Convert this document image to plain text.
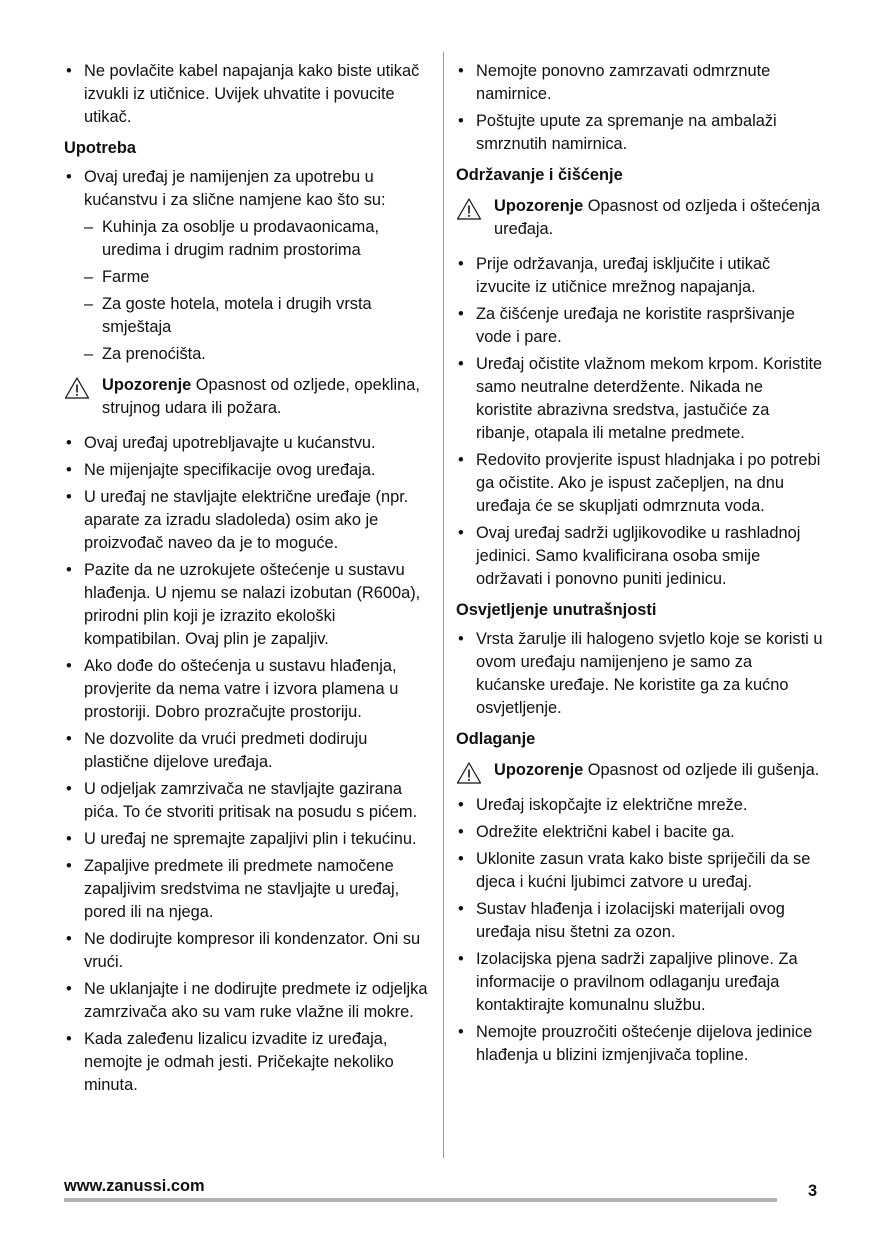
• Ne povlačite kabel napajanja kako biste utikač izvukli iz utičnice. Uvijek uhvatite i povucite utikač.
Upotreba
• Ovaj uređaj je namijenjen za upotrebu u kućanstvu i za slične namjene kao što su:
– Kuhinja za osoblje u prodavaonicama, uredima i drugim radnim prostorima
– Farme
– Za goste hotela, motela i drugih vrsta smještaja
– Za prenoćišta.
Upozorenje Opasnost od ozljede, opeklina, strujnog udara ili požara.
• Ovaj uređaj upotrebljavajte u kućanstvu.
• Ne mijenjajte specifikacije ovog uređaja.
• U uređaj ne stavljajte električne uređaje (npr. aparate za izradu sladoleda) osim ako je proizvođač naveo da je to moguće.
• Pazite da ne uzrokujete oštećenje u sustavu hlađenja. U njemu se nalazi izobutan (R600a), prirodni plin koji je izrazito ekološki kompatibilan. Ovaj plin je zapaljiv.
• Ako dođe do oštećenja u sustavu hlađenja, provjerite da nema vatre i izvora plamena u prostoriji. Dobro prozračujte prostoriju.
• Ne dozvolite da vrući predmeti dodiruju plastične dijelove uređaja.
• U odjeljak zamrzivača ne stavljajte gazirana pića. To će stvoriti pritisak na posudu s pićem.
• U uređaj ne spremajte zapaljivi plin i tekućinu.
• Zapaljive predmete ili predmete namočene zapaljivim sredstvima ne stavljajte u uređaj, pored ili na njega.
• Ne dodirujte kompresor ili kondenzator. Oni su vrući.
• Ne uklanjajte i ne dodirujte predmete iz odjeljka zamrzivača ako su vam ruke vlažne ili mokre.
• Kada zaleđenu lizalicu izvadite iz uređaja, nemojte je odmah jesti. Pričekajte nekoliko minuta.
• Nemojte ponovno zamrzavati odmrznute namirnice.
• Poštujte upute za spremanje na ambalaži smrznutih namirnica.
Održavanje i čišćenje
Upozorenje Opasnost od ozljeda i oštećenja uređaja.
• Prije održavanja, uređaj isključite i utikač izvucite iz utičnice mrežnog napajanja.
• Za čišćenje uređaja ne koristite raspršivanje vode i pare.
• Uređaj očistite vlažnom mekom krpom. Koristite samo neutralne deterdžente. Nikada ne koristite abrazivna sredstva, jastučiće za ribanje, otapala ili metalne predmete.
• Redovito provjerite ispust hladnjaka i po potrebi ga očistite. Ako je ispust začepljen, na dnu uređaja će se skupljati odmrznuta voda.
• Ovaj uređaj sadrži ugljikovodike u rashladnoj jedinici. Samo kvalificirana osoba smije održavati i ponovno puniti jedinicu.
Osvjetljenje unutrašnjosti
• Vrsta žarulje ili halogeno svjetlo koje se koristi u ovom uređaju namijenjeno je samo za kućanske uređaje. Ne koristite ga za kućno osvjetljenje.
Odlaganje
Upozorenje Opasnost od ozljede ili gušenja.
• Uređaj iskopčajte iz električne mreže.
• Odrežite električni kabel i bacite ga.
• Uklonite zasun vrata kako biste spriječili da se djeca i kućni ljubimci zatvore u uređaj.
• Sustav hlađenja i izolacijski materijali ovog uređaja nisu štetni za ozon.
• Izolacijska pjena sadrži zapaljive plinove. Za informacije o pravilnom odlaganju uređaja kontaktirajte komunalnu službu.
• Nemojte prouzročiti oštećenje dijelova jedinice hlađenja u blizini izmjenjivača topline.
www.zanussi.com	3
